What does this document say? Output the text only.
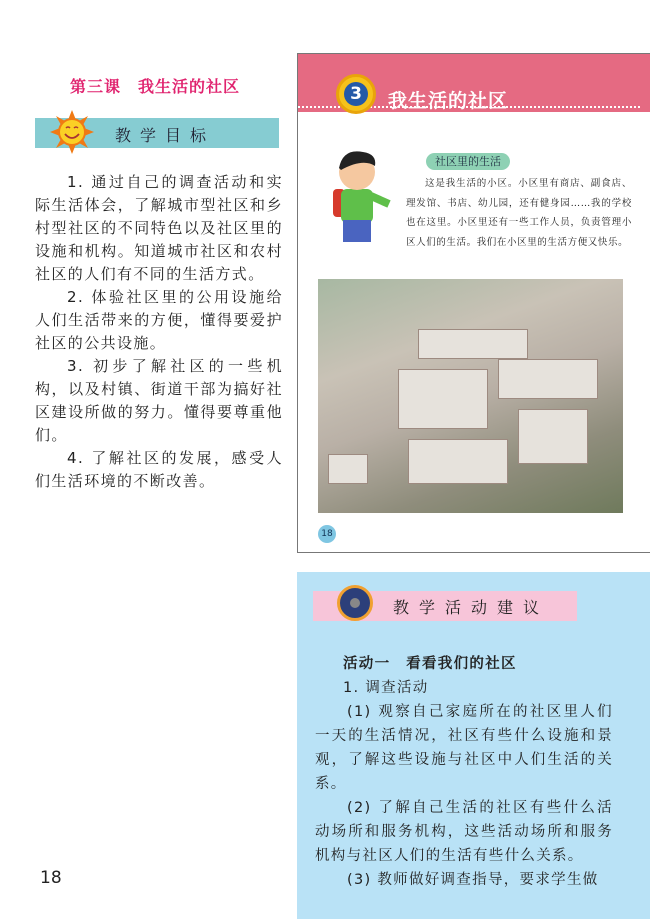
第三课　我生活的社区
教学目标

1. 通过自己的调查活动和实际生活体会，了解城市型社区和乡村型社区的不同特色以及社区里的设施和机构。知道城市社区和农村社区的人们有不同的生活方式。

2. 体验社区里的公用设施给人们生活带来的方便，懂得要爱护社区的公共设施。

3. 初步了解社区的一些机构，以及村镇、街道干部为搞好社区建设所做的努力。懂得要尊重他们。

4. 了解社区的发展，感受人们生活环境的不断改善。

3	我生活的社区
社区里的生活

这是我生活的小区。小区里有商店、副食店、理发馆、书店、幼儿园，还有健身园……我的学校也在这里。小区里还有一些工作人员，负责管理小区人们的生活。我们在小区里的生活方便又快乐。

18
教学活动建议

活动一　看看我们的社区

1. 调查活动

(1) 观察自己家庭所在的社区里人们一天的生活情况，社区有些什么设施和景观，了解这些设施与社区中人们生活的关系。

(2) 了解自己生活的社区有些什么活动场所和服务机构，这些活动场所和服务机构与社区人们的生活有些什么关系。

(3) 教师做好调查指导，要求学生做

18
